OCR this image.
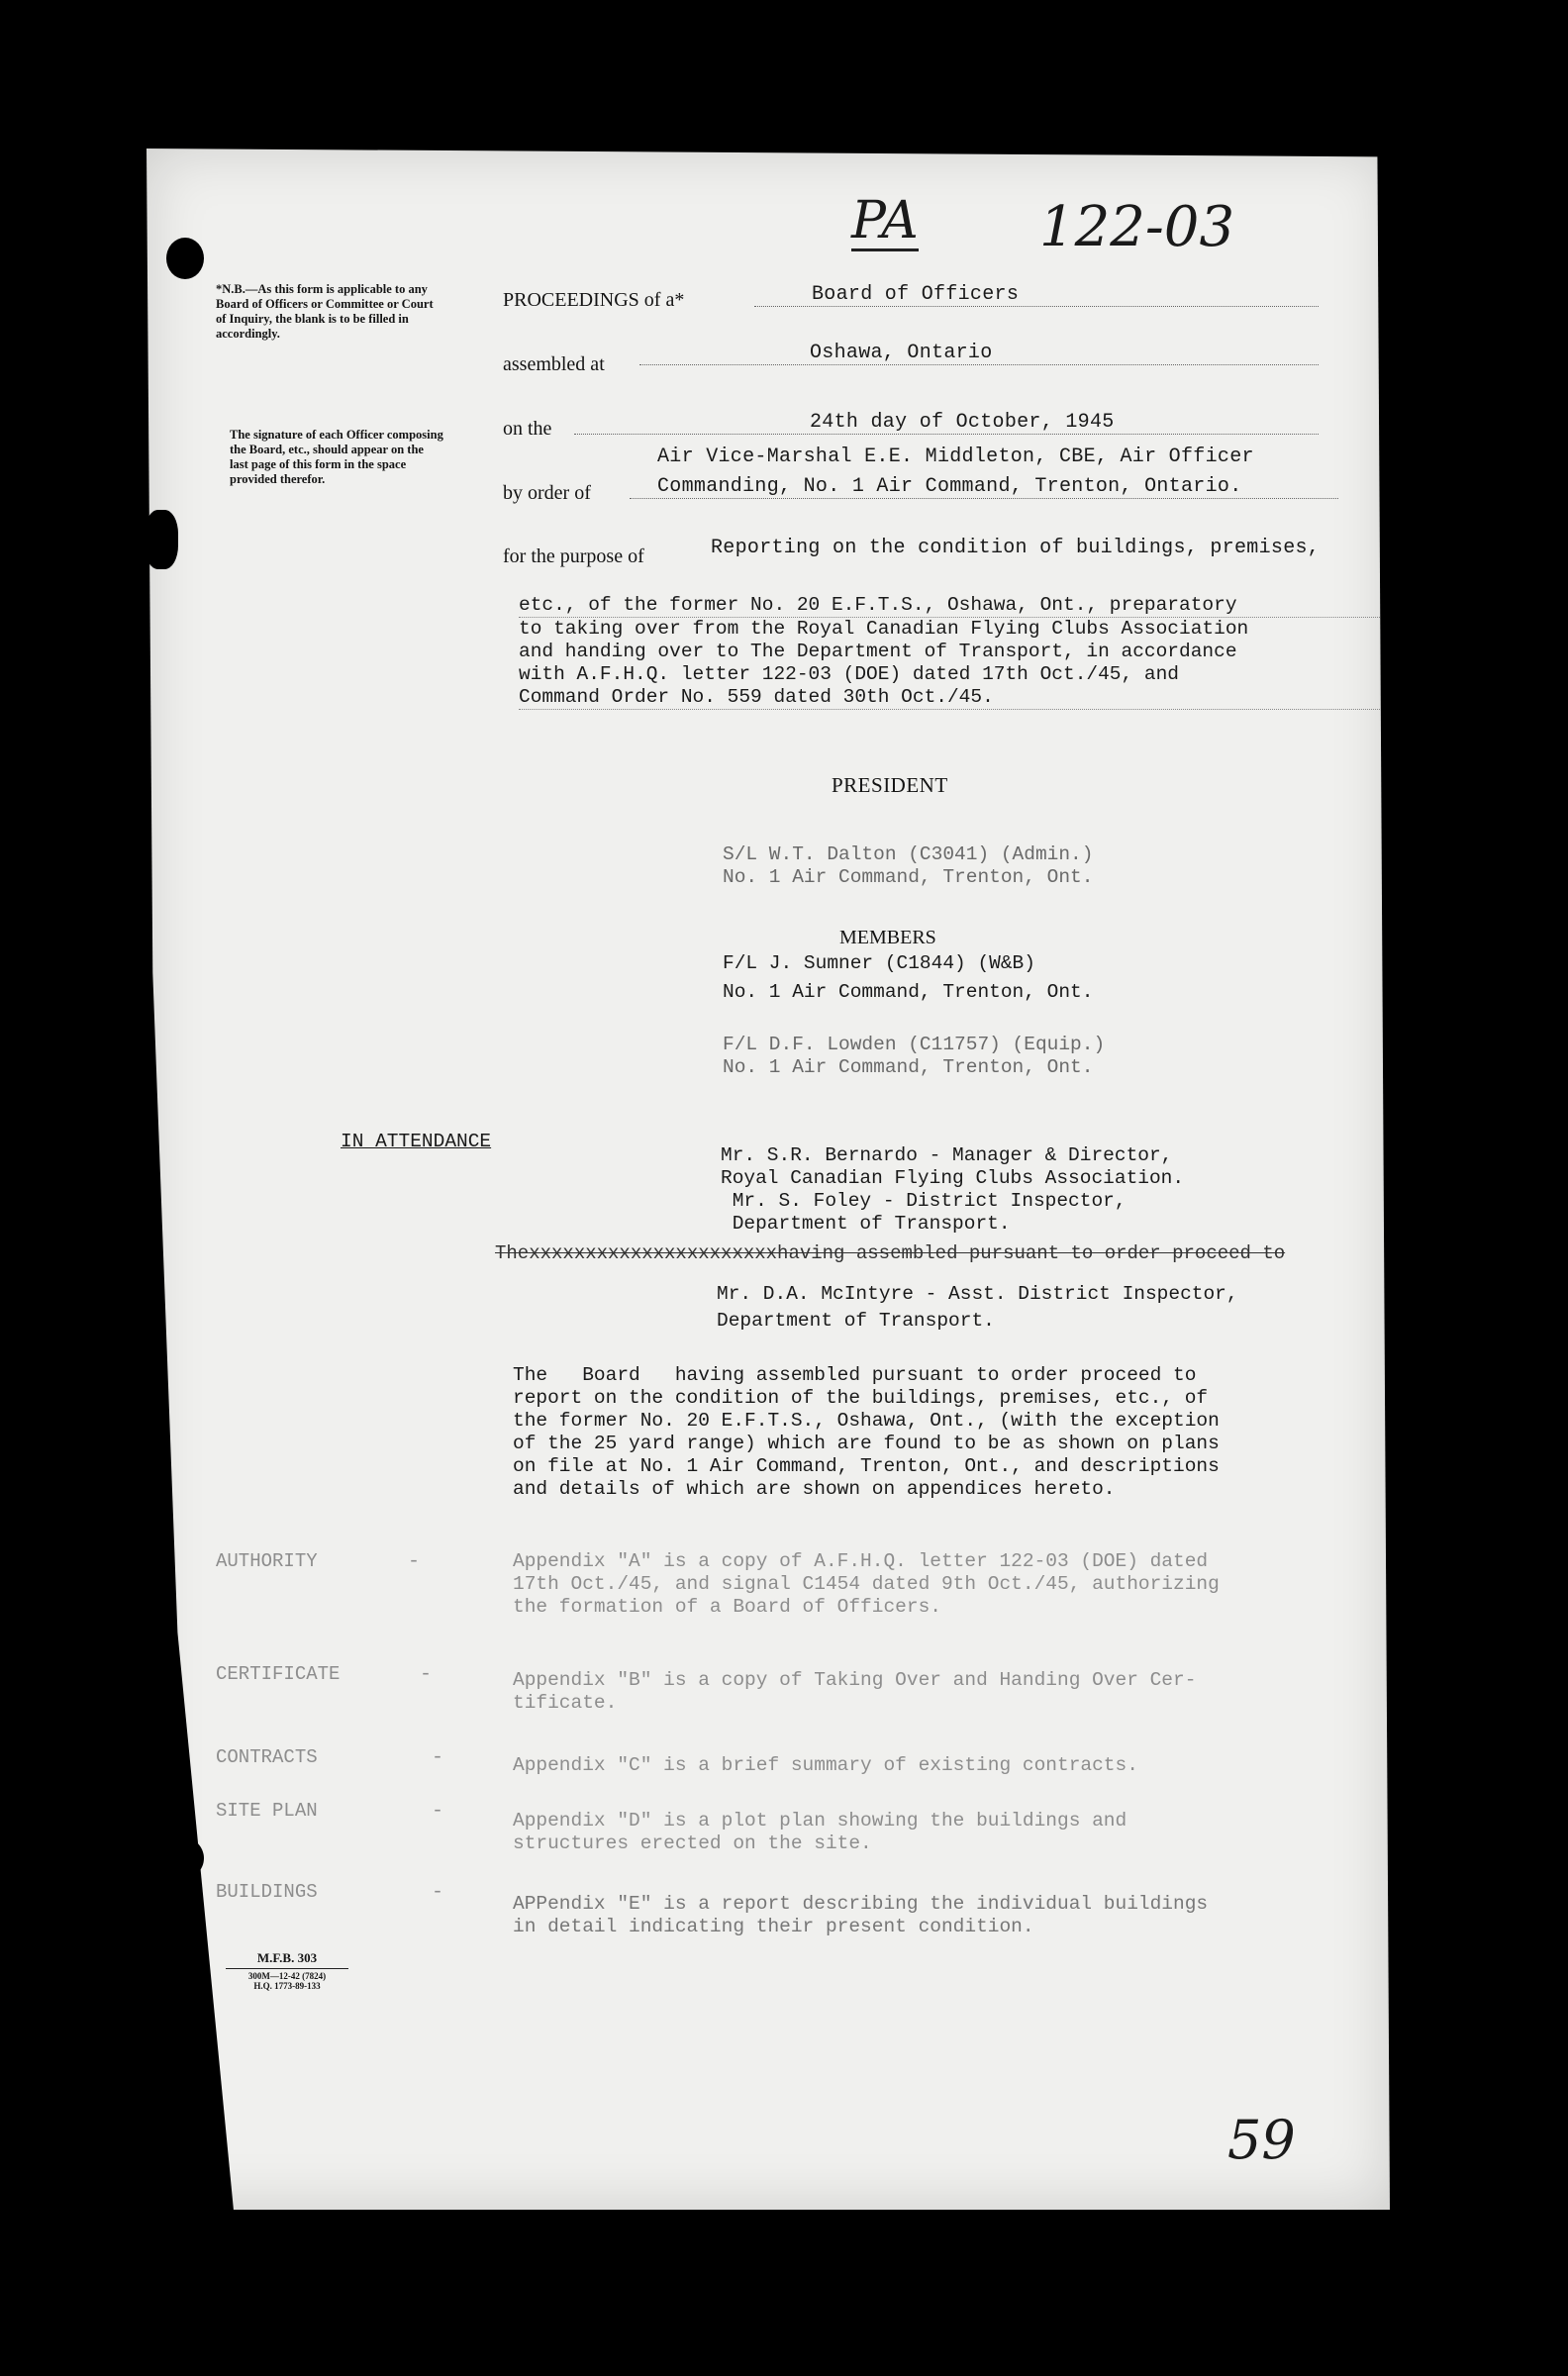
PA 122-03
*N.B.—As this form is applicable to any Board of Officers or Committee or Court of Inquiry, the blank is to be filled in accordingly.
The signature of each Officer composing the Board, etc., should appear on the last page of this form in the space provided therefor.
PROCEEDINGS of a*	Board of Officers
assembled at	Oshawa, Ontario
on the	24th day of October, 1945
Air Vice-Marshal E.E. Middleton, CBE, Air Officer
by order of	Commanding, No. 1 Air Command, Trenton, Ontario.
for the purpose of	Reporting on the condition of buildings, premises,
etc., of the former No. 20 E.F.T.S., Oshawa, Ont., preparatory
to taking over from the Royal Canadian Flying Clubs Association
and handing over to The Department of Transport, in accordance
with A.F.H.Q. letter 122-03 (DOE) dated 17th Oct./45, and
Command Order No. 559 dated 30th Oct./45.
PRESIDENT
S/L W.T. Dalton (C3041) (Admin.)
No. 1 Air Command, Trenton, Ont.
MEMBERS
F/L J. Sumner (C1844) (W&B)
No. 1 Air Command, Trenton, Ont.
F/L D.F. Lowden (C11757) (Equip.)
No. 1 Air Command, Trenton, Ont.
IN ATTENDANCE
Mr. S.R. Bernardo - Manager & Director,
Royal Canadian Flying Clubs Association.
Mr. S. Foley - District Inspector,
Department of Transport.
Thexxxxxxxxxxxxxxxxxxxxxxhaving assembled pursuant to order proceed to
Mr. D.A. McIntyre - Asst. District Inspector,
Department of Transport.
The   Board   having assembled pursuant to order proceed to
report on the condition of the buildings, premises, etc., of
the former No. 20 E.F.T.S., Oshawa, Ont., (with the exception
of the 25 yard range) which are found to be as shown on plans
on file at No. 1 Air Command, Trenton, Ont., and descriptions
and details of which are shown on appendices hereto.
AUTHORITY	-	Appendix "A" is a copy of A.F.H.Q. letter 122-03 (DOE) dated
17th Oct./45, and signal C1454 dated 9th Oct./45, authorizing
the formation of a Board of Officers.
CERTIFICATE	-	Appendix "B" is a copy of Taking Over and Handing Over Cer-
tificate.
CONTRACTS	-	Appendix "C" is a brief summary of existing contracts.
SITE PLAN	-	Appendix "D" is a plot plan showing the buildings and
structures erected on the site.
BUILDINGS	-	APPendix "E" is a report describing the individual buildings
in detail indicating their present condition.
M.F.B. 303
300M—12-42 (7824)
H.Q. 1773-89-133
59
